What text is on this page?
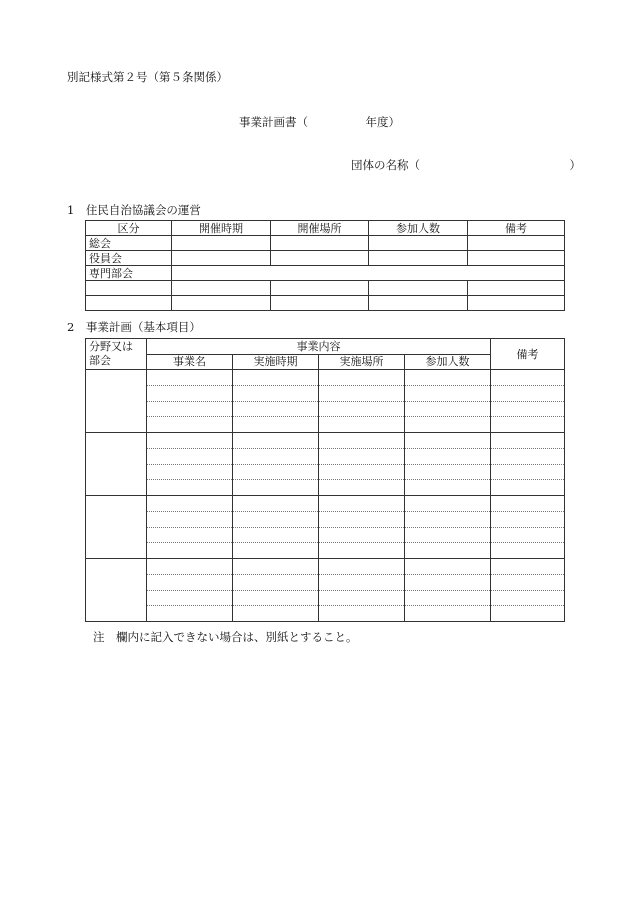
別記様式第２号（第５条関係）
事業計画書（　　　　　年度）
団体の名称（　　　　　　　　　　　　　）
1　住民自治協議会の運営
区分	開催時期	開催場所	参加人数	備考
総会				
役員会				
専門部会				

2　事業計画（基本項目）
分野又は
部会	事業内容				備考
	事業名	実施時期	実施場所	参加人数	

注　欄内に記入できない場合は、別紙とすること。
